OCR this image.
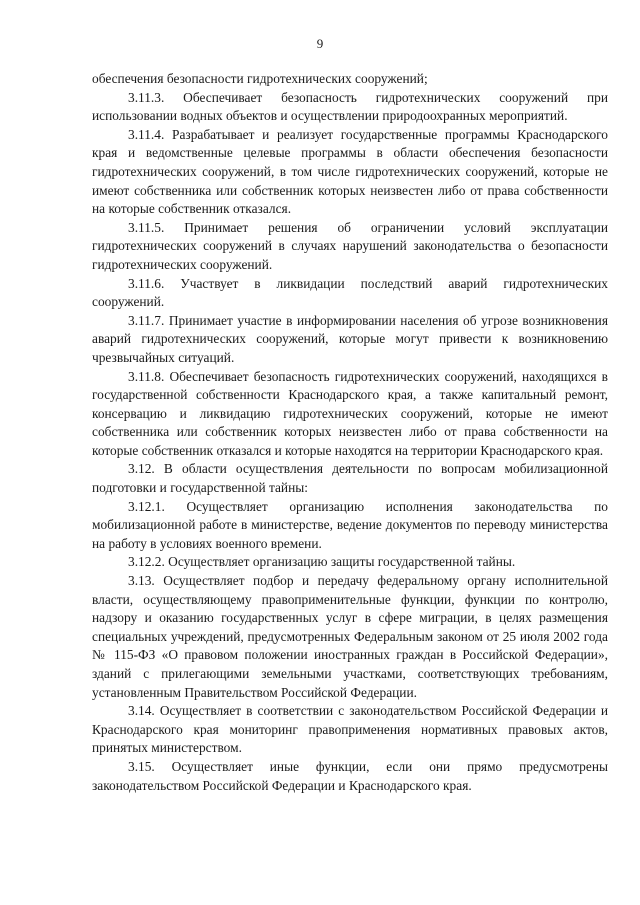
9

обеспечения безопасности гидротехнических сооружений;

3.11.3. Обеспечивает безопасность гидротехнических сооружений при использовании водных объектов и осуществлении природоохранных мероприятий.

3.11.4. Разрабатывает и реализует государственные программы Краснодарского края и ведомственные целевые программы в области обеспечения безопасности гидротехнических сооружений, в том числе гидротехнических сооружений, которые не имеют собственника или собственник которых неизвестен либо от права собственности на которые собственник отказался.

3.11.5. Принимает решения об ограничении условий эксплуатации гидротехнических сооружений в случаях нарушений законодательства о безопасности гидротехнических сооружений.

3.11.6. Участвует в ликвидации последствий аварий гидротехнических сооружений.

3.11.7. Принимает участие в информировании населения об угрозе возникновения аварий гидротехнических сооружений, которые могут привести к возникновению чрезвычайных ситуаций.

3.11.8. Обеспечивает безопасность гидротехнических сооружений, находящихся в государственной собственности Краснодарского края, а также капитальный ремонт, консервацию и ликвидацию гидротехнических сооружений, которые не имеют собственника или собственник которых неизвестен либо от права собственности на которые собственник отказался и которые находятся на территории Краснодарского края.

3.12. В области осуществления деятельности по вопросам мобилизационной подготовки и государственной тайны:

3.12.1. Осуществляет организацию исполнения законодательства по мобилизационной работе в министерстве, ведение документов по переводу министерства на работу в условиях военного времени.

3.12.2. Осуществляет организацию защиты государственной тайны.

3.13. Осуществляет подбор и передачу федеральному органу исполнительной власти, осуществляющему правоприменительные функции, функции по контролю, надзору и оказанию государственных услуг в сфере миграции, в целях размещения специальных учреждений, предусмотренных Федеральным законом от 25 июля 2002 года № 115-ФЗ «О правовом положении иностранных граждан в Российской Федерации», зданий с прилегающими земельными участками, соответствующих требованиям, установленным Правительством Российской Федерации.

3.14. Осуществляет в соответствии с законодательством Российской Федерации и Краснодарского края мониторинг правоприменения нормативных правовых актов, принятых министерством.

3.15. Осуществляет иные функции, если они прямо предусмотрены законодательством Российской Федерации и Краснодарского края.
